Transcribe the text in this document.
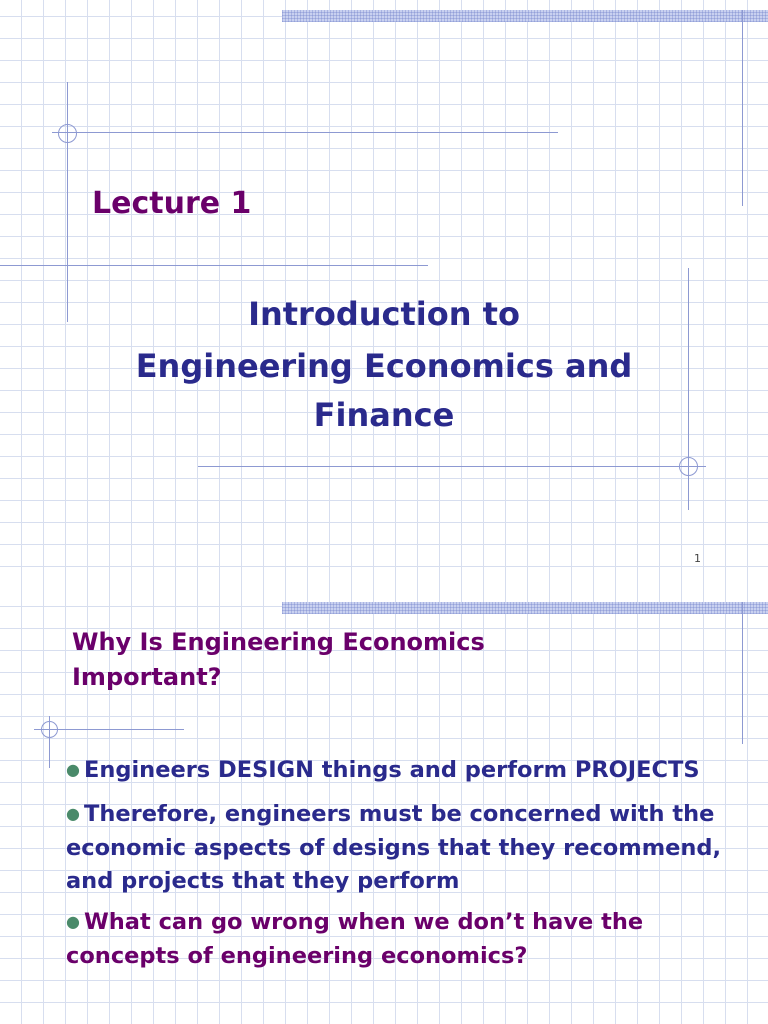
Lecture 1

Introduction to

Engineering Economics and

Finance

1

Why Is Engineering Economics

Important?

● Engineers DESIGN things and perform PROJECTS
● Therefore, engineers must be concerned with the economic aspects of designs that they recommend, and projects that they perform
● What can go wrong when we don’t have the concepts of engineering economics?
